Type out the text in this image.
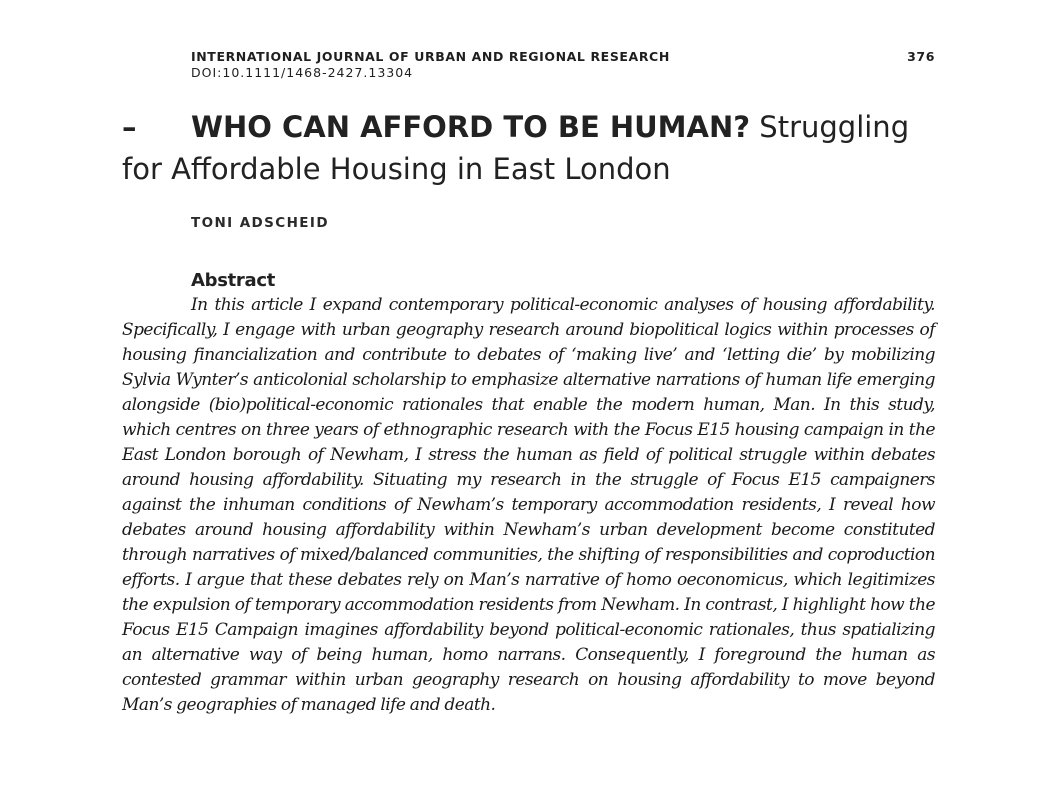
INTERNATIONAL JOURNAL OF URBAN AND REGIONAL RESEARCH	376
DOI:10.1111/1468-2427.13304
– WHO CAN AFFORD TO BE HUMAN? Struggling for Affordable Housing in East London
TONI ADSCHEID
Abstract

In this article I expand contemporary political-economic analyses of housing affordability. Specifically, I engage with urban geography research around biopolitical logics within processes of housing financialization and contribute to debates of ‘making live’ and ‘letting die’ by mobilizing Sylvia Wynter’s anticolonial scholarship to emphasize alternative narrations of human life emerging alongside (bio)political-economic rationales that enable the modern human, Man. In this study, which centres on three years of ethnographic research with the Focus E15 housing campaign in the East London borough of Newham, I stress the human as field of political struggle within debates around housing affordability. Situating my research in the struggle of Focus E15 campaigners against the inhuman conditions of Newham’s temporary accommodation residents, I reveal how debates around housing affordability within Newham’s urban development become constituted through narratives of mixed/balanced communities, the shifting of responsibilities and coproduction efforts. I argue that these debates rely on Man’s narrative of homo oeconomicus, which legitimizes the expulsion of temporary accommodation residents from Newham. In contrast, I highlight how the Focus E15 Campaign imagines affordability beyond political-economic rationales, thus spatializing an alternative way of being human, homo narrans. Consequently, I foreground the human as contested grammar within urban geography research on housing affordability to move beyond Man’s geographies of managed life and death.
